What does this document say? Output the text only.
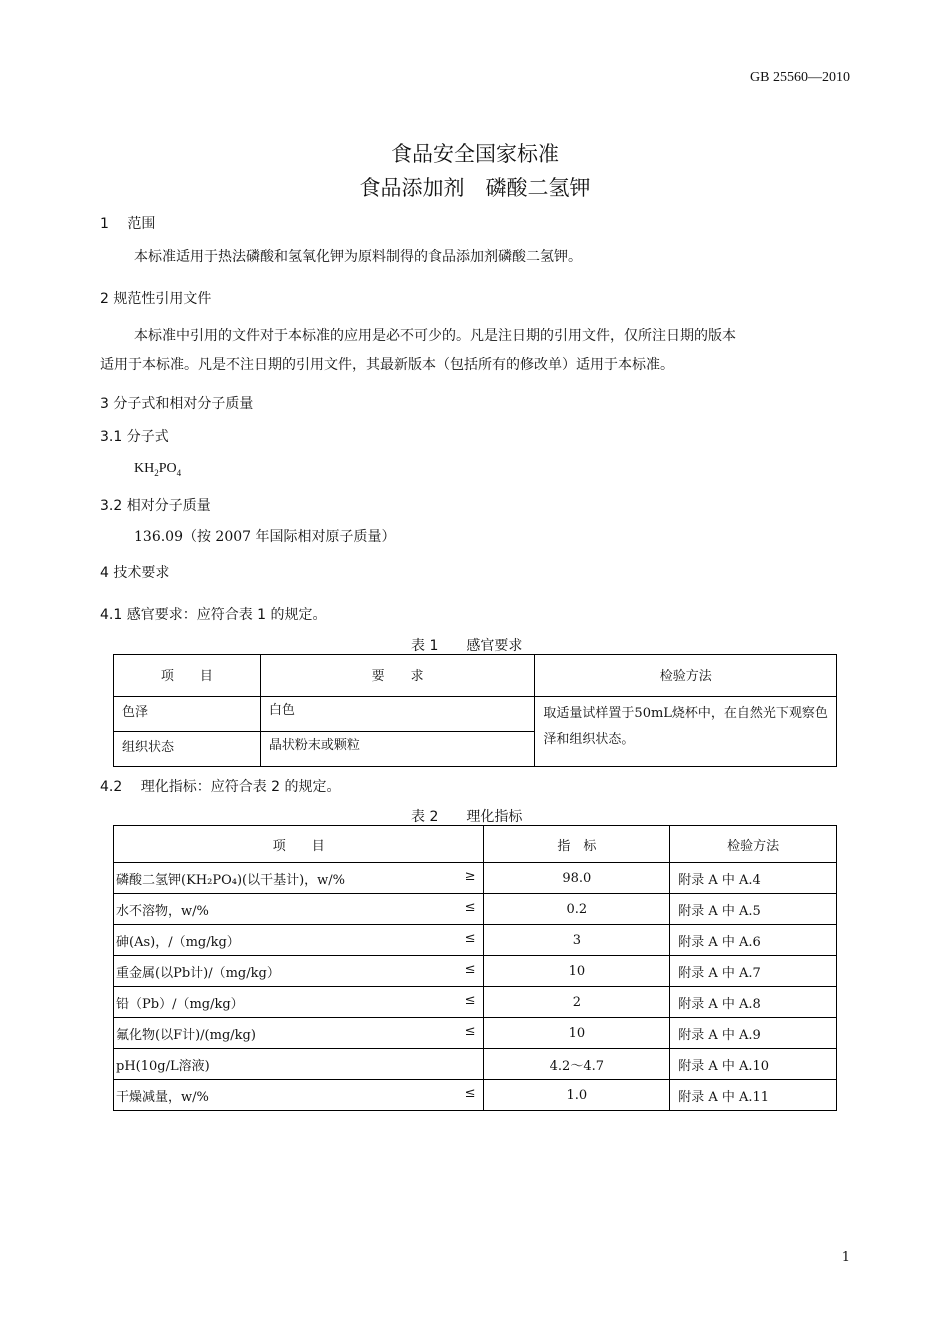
GB 25560—2010
食品安全国家标准
食品添加剂　磷酸二氢钾
1　 范围
本标准适用于热法磷酸和氢氧化钾为原料制得的食品添加剂磷酸二氢钾。
2 规范性引用文件
本标准中引用的文件对于本标准的应用是必不可少的。凡是注日期的引用文件，仅所注日期的版本
适用于本标准。凡是不注日期的引用文件，其最新版本（包括所有的修改单）适用于本标准。
3 分子式和相对分子质量
3.1 分子式
$KH_2PO_4$
3.2 相对分子质量
136.09（按 2007 年国际相对原子质量）
4 技术要求
4.1 感官要求：应符合表 1 的规定。
表 1　　感官要求
项　　目	要　　求	检验方法
色泽	白色	取适量试样置于50mL烧杯中，在自然光下观察色泽和组织状态。
组织状态	晶状粉末或颗粒	
4.2　 理化指标：应符合表 2 的规定。
表 2　　理化指标
项　　目	指　标	检验方法
磷酸二氢钾(KH₂PO₄)(以干基计)，w/% ≥	98.0	附录 A 中 A.4
水不溶物，w/% ≤	0.2	附录 A 中 A.5
砷(As)，/（mg/kg） ≤	3	附录 A 中 A.6
重金属(以Pb计)/（mg/kg） ≤	10	附录 A 中 A.7
铅（Pb）/（mg/kg） ≤	2	附录 A 中 A.8
氟化物(以F计)/(mg/kg) ≤	10	附录 A 中 A.9
pH(10g/L溶液)	4.2～4.7	附录 A 中 A.10
干燥减量，w/% ≤	1.0	附录 A 中 A.11
1
